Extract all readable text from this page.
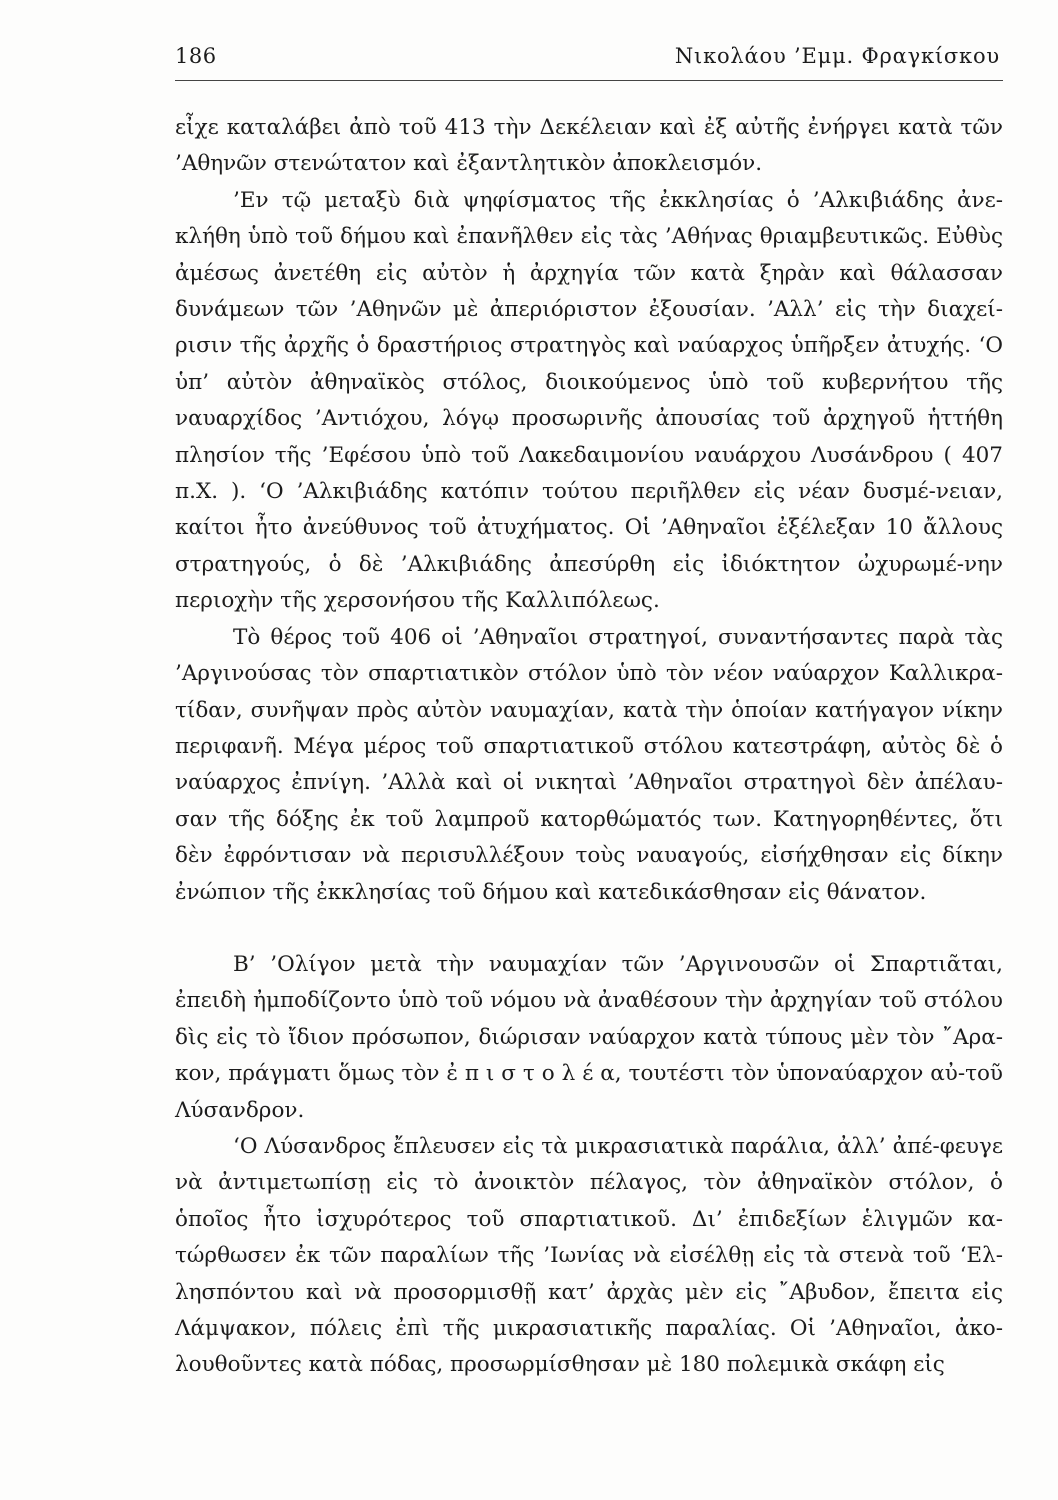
186	Νικολάου ’Εμμ. Φραγκίσκου

εἶχε καταλάβει ἀπὸ τοῦ 413 τὴν Δεκέλειαν καὶ ἐξ αὐτῆς ἐνήργει κατὰ τῶν ’Αθηνῶν στενώτατον καὶ ἐξαντλητικὸν ἀποκλεισμόν.

’Εν τῷ μεταξὺ διὰ ψηφίσματος τῆς ἐκκλησίας ὁ ’Αλκιβιάδης ἀνε-κλήθη ὑπὸ τοῦ δήμου καὶ ἐπανῆλθεν εἰς τὰς ’Αθήνας θριαμβευτικῶς. Εὐθὺς ἀμέσως ἀνετέθη εἰς αὐτὸν ἡ ἀρχηγία τῶν κατὰ ξηρὰν καὶ θάλασσαν δυνάμεων τῶν ’Αθηνῶν μὲ ἀπεριόριστον ἐξουσίαν. ’Αλλ’ εἰς τὴν διαχεί-ρισιν τῆς ἀρχῆς ὁ δραστήριος στρατηγὸς καὶ ναύαρχος ὑπῆρξεν ἀτυχής. ‘Ο ὑπ’ αὐτὸν ἀθηναϊκὸς στόλος, διοικούμενος ὑπὸ τοῦ κυβερνήτου τῆς ναυαρχίδος ’Αντιόχου, λόγῳ προσωρινῆς ἀπουσίας τοῦ ἀρχηγοῦ ἡττήθη πλησίον τῆς ’Εφέσου ὑπὸ τοῦ Λακεδαιμονίου ναυάρχου Λυσάνδρου ( 407 π.Χ. ). ‘Ο ’Αλκιβιάδης κατόπιν τούτου περιῆλθεν εἰς νέαν δυσμέ-νειαν, καίτοι ἦτο ἀνεύθυνος τοῦ ἀτυχήματος. Οἱ ’Αθηναῖοι ἐξέλεξαν 10 ἄλλους στρατηγούς, ὁ δὲ ’Αλκιβιάδης ἀπεσύρθη εἰς ἰδιόκτητον ὠχυρωμέ-νην περιοχὴν τῆς χερσονήσου τῆς Καλλιπόλεως.

Τὸ θέρος τοῦ 406 οἱ ’Αθηναῖοι στρατηγοί, συναντήσαντες παρὰ τὰς ’Αργινούσας τὸν σπαρτιατικὸν στόλον ὑπὸ τὸν νέον ναύαρχον Καλλικρα-τίδαν, συνῆψαν πρὸς αὐτὸν ναυμαχίαν, κατὰ τὴν ὁποίαν κατήγαγον νίκην περιφανῆ. Μέγα μέρος τοῦ σπαρτιατικοῦ στόλου κατεστράφη, αὐτὸς δὲ ὁ ναύαρχος ἐπνίγη. ’Αλλὰ καὶ οἱ νικηταὶ ’Αθηναῖοι στρατηγοὶ δὲν ἀπέλαυ-σαν τῆς δόξης ἐκ τοῦ λαμπροῦ κατορθώματός των. Κατηγορηθέντες, ὅτι δὲν ἐφρόντισαν νὰ περισυλλέξουν τοὺς ναυαγούς, εἰσήχθησαν εἰς δίκην ἐνώπιον τῆς ἐκκλησίας τοῦ δήμου καὶ κατεδικάσθησαν εἰς θάνατον.

Β’ ’Ολίγον μετὰ τὴν ναυμαχίαν τῶν ’Αργινουσῶν οἱ Σπαρτιᾶται, ἐπειδὴ ἠμποδίζοντο ὑπὸ τοῦ νόμου νὰ ἀναθέσουν τὴν ἀρχηγίαν τοῦ στόλου δὶς εἰς τὸ ἴδιον πρόσωπον, διώρισαν ναύαρχον κατὰ τύπους μὲν τὸν ῎Αρα-κον, πράγματι ὅμως τὸν ἐ π ι σ τ ο λ έ α, τουτέστι τὸν ὑποναύαρχον αὐ-τοῦ Λύσανδρον.

‘Ο Λύσανδρος ἔπλευσεν εἰς τὰ μικρασιατικὰ παράλια, ἀλλ’ ἀπέ-φευγε νὰ ἀντιμετωπίσῃ εἰς τὸ ἀνοικτὸν πέλαγος, τὸν ἀθηναϊκὸν στόλον, ὁ ὁποῖος ἦτο ἰσχυρότερος τοῦ σπαρτιατικοῦ. Δι’ ἐπιδεξίων ἑλιγμῶν κα-τώρθωσεν ἐκ τῶν παραλίων τῆς ’Ιωνίας νὰ εἰσέλθῃ εἰς τὰ στενὰ τοῦ ‘Ελ-λησπόντου καὶ νὰ προσορμισθῇ κατ’ ἀρχὰς μὲν εἰς ῎Αβυδον, ἔπειτα εἰς Λάμψακον, πόλεις ἐπὶ τῆς μικρασιατικῆς παραλίας. Οἱ ’Αθηναῖοι, ἀκο-λουθοῦντες κατὰ πόδας, προσωρμίσθησαν μὲ 180 πολεμικὰ σκάφη εἰς
